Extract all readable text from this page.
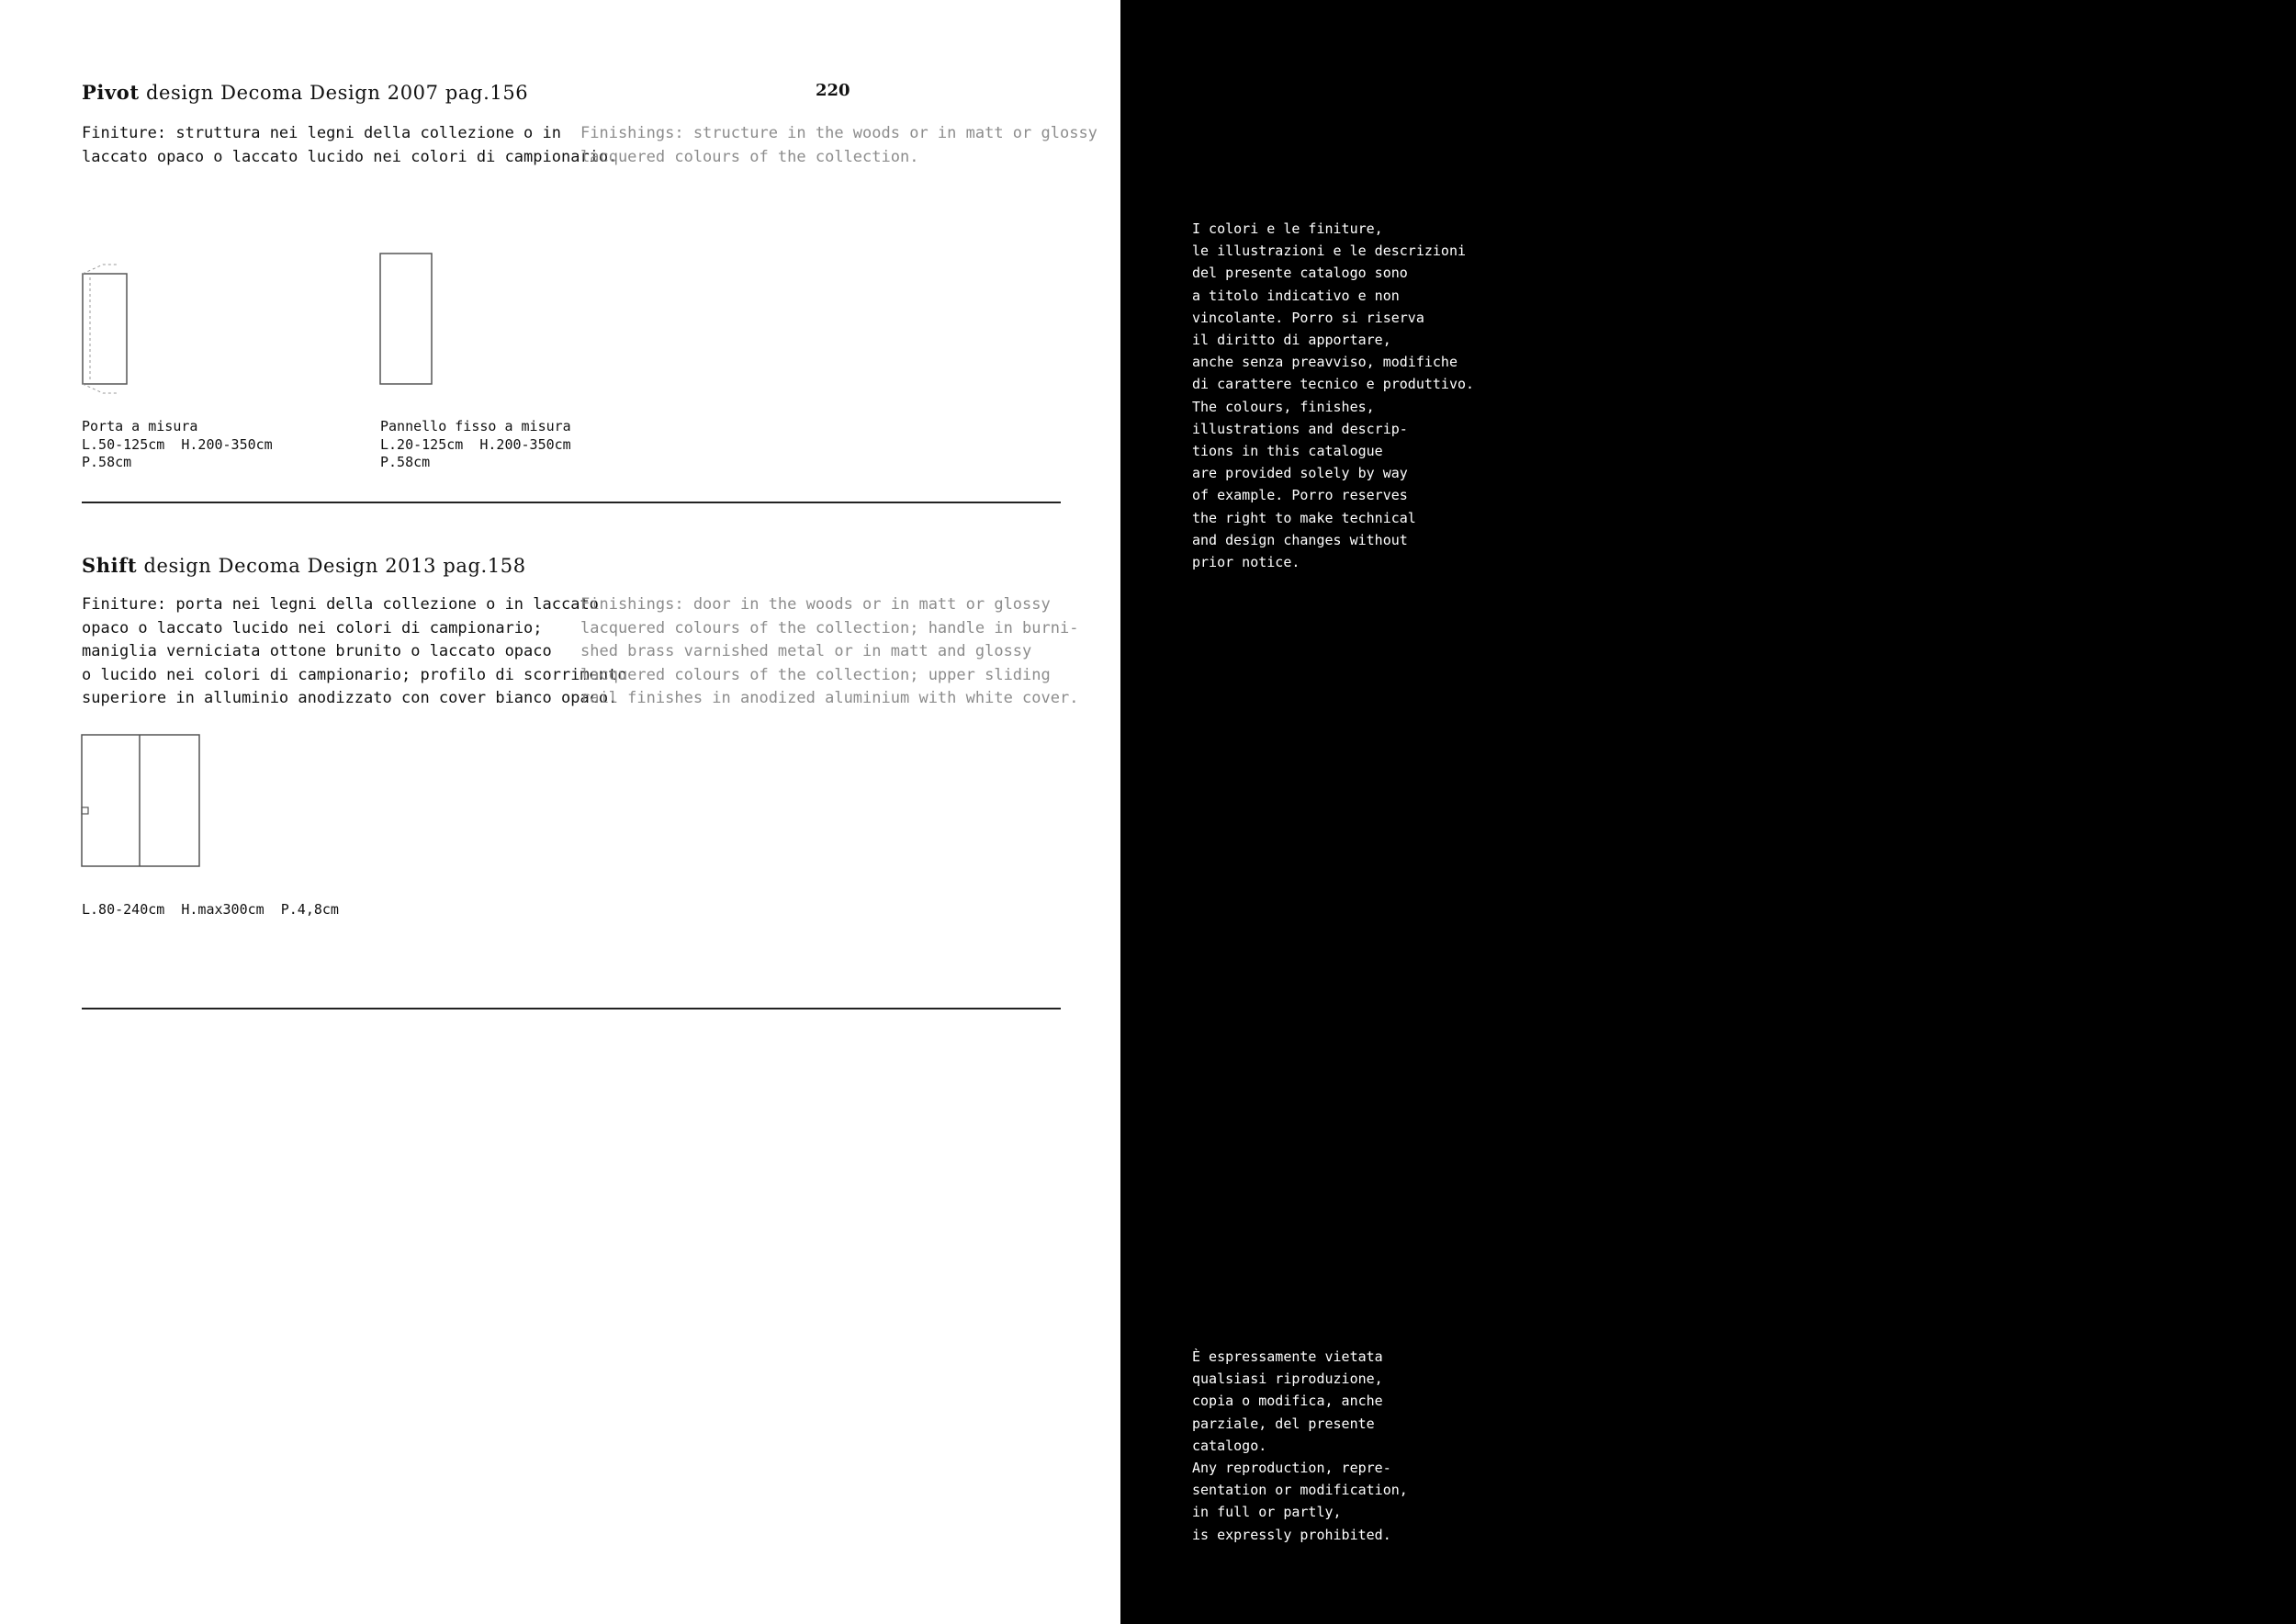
Pivot design Decoma Design 2007 pag.156	220
Finiture: struttura nei legni della collezione o in
laccato opaco o laccato lucido nei colori di campionario.
Finishings: structure in the woods or in matt or glossy
lacquered colours of the collection.
Porta a misura
L.50-125cm  H.200-350cm
P.58cm
Pannello fisso a misura
L.20-125cm  H.200-350cm
P.58cm
Shift design Decoma Design 2013 pag.158
Finiture: porta nei legni della collezione o in laccato
opaco o laccato lucido nei colori di campionario;
maniglia verniciata ottone brunito o laccato opaco
o lucido nei colori di campionario; profilo di scorrimento
superiore in alluminio anodizzato con cover bianco opaco.
Finishings: door in the woods or in matt or glossy
lacquered colours of the collection; handle in burni-
shed brass varnished metal or in matt and glossy
lacquered colours of the collection; upper sliding
rail finishes in anodized aluminium with white cover.
L.80-240cm  H.max300cm  P.4,8cm
I colori e le finiture,
le illustrazioni e le descrizioni
del presente catalogo sono
a titolo indicativo e non
vincolante. Porro si riserva
il diritto di apportare,
anche senza preavviso, modifiche
di carattere tecnico e produttivo.
The colours, finishes,
illustrations and descrip-
tions in this catalogue
are provided solely by way
of example. Porro reserves
the right to make technical
and design changes without
prior notice.
È espressamente vietata
qualsiasi riproduzione,
copia o modifica, anche
parziale, del presente
catalogo.
Any reproduction, repre-
sentation or modification,
in full or partly,
is expressly prohibited.
